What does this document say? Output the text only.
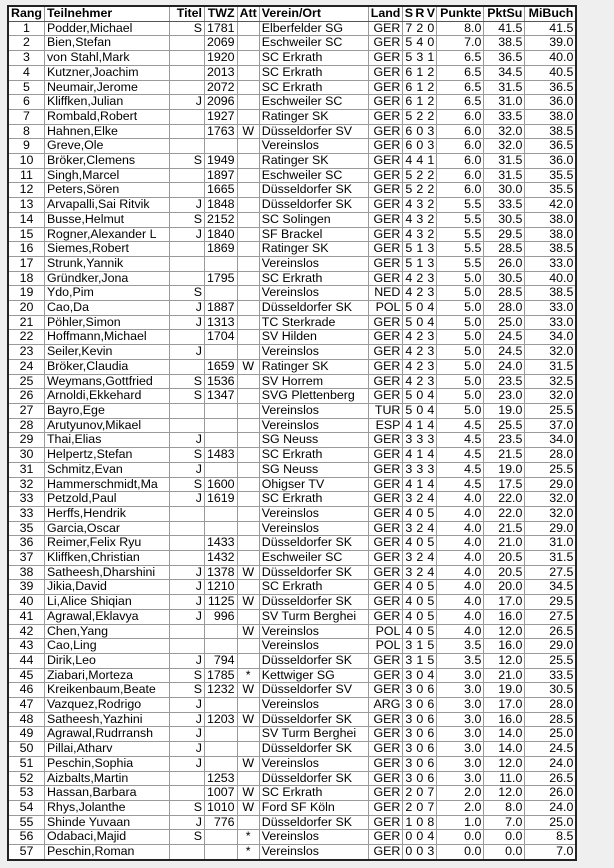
Rang	Teilnehmer	Titel	TWZ	Att	Verein/Ort	Land	S	R	V	Punkte	PktSu	MiBuch
1	Podder,Michael	S	1781		Elberfelder SG	GER	7	2	0	8.0	41.5	41.5
2	Bien,Stefan		2069		Eschweiler SC	GER	5	4	0	7.0	38.5	39.0
3	von Stahl,Mark		1920		SC Erkrath	GER	5	3	1	6.5	36.5	40.0
4	Kutzner,Joachim		2013		SC Erkrath	GER	6	1	2	6.5	34.5	40.5
5	Neumair,Jerome		2072		SC Erkrath	GER	6	1	2	6.5	31.5	36.5
6	Kliffken,Julian	J	2096		Eschweiler SC	GER	6	1	2	6.5	31.0	36.0
7	Rombald,Robert		1927		Ratinger SK	GER	5	2	2	6.0	33.5	38.0
8	Hahnen,Elke		1763	W	Düsseldorfer SV	GER	6	0	3	6.0	32.0	38.5
9	Greve,Ole				Vereinslos	GER	6	0	3	6.0	32.0	36.5
10	Bröker,Clemens	S	1949		Ratinger SK	GER	4	4	1	6.0	31.5	36.0
11	Singh,Marcel		1897		Eschweiler SC	GER	5	2	2	6.0	31.5	35.5
12	Peters,Sören		1665		Düsseldorfer SK	GER	5	2	2	6.0	30.0	35.5
13	Arvapalli,Sai Ritvik	J	1848		Düsseldorfer SK	GER	4	3	2	5.5	33.5	42.0
14	Busse,Helmut	S	2152		SC Solingen	GER	4	3	2	5.5	30.5	38.0
15	Rogner,Alexander L	J	1840		SF Brackel	GER	4	3	2	5.5	29.5	38.0
16	Siemes,Robert		1869		Ratinger SK	GER	5	1	3	5.5	28.5	38.5
17	Strunk,Yannik				Vereinslos	GER	5	1	3	5.5	26.0	33.0
18	Gründker,Jona		1795		SC Erkrath	GER	4	2	3	5.0	30.5	40.0
19	Ydo,Pim	S			Vereinslos	NED	4	2	3	5.0	28.5	38.5
20	Cao,Da	J	1887		Düsseldorfer SK	POL	5	0	4	5.0	28.0	33.0
21	Pöhler,Simon	J	1313		TC Sterkrade	GER	5	0	4	5.0	25.0	33.0
22	Hoffmann,Michael		1704		SV Hilden	GER	4	2	3	5.0	24.5	34.0
23	Seiler,Kevin	J			Vereinslos	GER	4	2	3	5.0	24.5	32.0
24	Bröker,Claudia		1659	W	Ratinger SK	GER	4	2	3	5.0	24.0	31.5
25	Weymans,Gottfried	S	1536		SV Horrem	GER	4	2	3	5.0	23.5	32.5
26	Arnoldi,Ekkehard	S	1347		SVG Plettenberg	GER	5	0	4	5.0	23.0	32.0
27	Bayro,Ege				Vereinslos	TUR	5	0	4	5.0	19.0	25.5
28	Arutyunov,Mikael				Vereinslos	ESP	4	1	4	4.5	25.5	37.0
29	Thai,Elias	J			SG Neuss	GER	3	3	3	4.5	23.5	34.0
30	Helpertz,Stefan	S	1483		SC Erkrath	GER	4	1	4	4.5	21.5	28.0
31	Schmitz,Evan	J			SG Neuss	GER	3	3	3	4.5	19.0	25.5
32	Hammerschmidt,Ma	S	1600		Ohigser TV	GER	4	1	4	4.5	17.5	29.0
33	Petzold,Paul	J	1619		SC Erkrath	GER	3	2	4	4.0	22.0	32.0
33	Herffs,Hendrik				Vereinslos	GER	4	0	5	4.0	22.0	32.0
35	Garcia,Oscar				Vereinslos	GER	3	2	4	4.0	21.5	29.0
36	Reimer,Felix Ryu		1433		Düsseldorfer SK	GER	4	0	5	4.0	21.0	31.0
37	Kliffken,Christian		1432		Eschweiler SC	GER	3	2	4	4.0	20.5	31.5
38	Satheesh,Dharshini	J	1378	W	Düsseldorfer SK	GER	3	2	4	4.0	20.5	27.5
39	Jikia,David	J	1210		SC Erkrath	GER	4	0	5	4.0	20.0	34.5
40	Li,Alice Shiqian	J	1125	W	Düsseldorfer SK	GER	4	0	5	4.0	17.0	29.5
41	Agrawal,Eklavya	J	996		SV Turm Berghei	GER	4	0	5	4.0	16.0	27.5
42	Chen,Yang			W	Vereinslos	POL	4	0	5	4.0	12.0	26.5
43	Cao,Ling				Vereinslos	POL	3	1	5	3.5	16.0	29.0
44	Dirik,Leo	J	794		Düsseldorfer SK	GER	3	1	5	3.5	12.0	25.5
45	Ziabari,Morteza	S	1785	*	Kettwiger SG	GER	3	0	4	3.0	21.0	33.5
46	Kreikenbaum,Beate	S	1232	W	Düsseldorfer SV	GER	3	0	6	3.0	19.0	30.5
47	Vazquez,Rodrigo	J			Vereinslos	ARG	3	0	6	3.0	17.0	28.0
48	Satheesh,Yazhini	J	1203	W	Düsseldorfer SK	GER	3	0	6	3.0	16.0	28.5
49	Agrawal,Rudrransh	J			SV Turm Berghei	GER	3	0	6	3.0	14.0	25.0
50	Pillai,Atharv	J			Düsseldorfer SK	GER	3	0	6	3.0	14.0	24.5
51	Peschin,Sophia	J		W	Vereinslos	GER	3	0	6	3.0	12.0	24.0
52	Aizbalts,Martin		1253		Düsseldorfer SK	GER	3	0	6	3.0	11.0	26.5
53	Hassan,Barbara		1007	W	SC Erkrath	GER	2	0	7	2.0	12.0	26.0
54	Rhys,Jolanthe	S	1010	W	Ford SF Köln	GER	2	0	7	2.0	8.0	24.0
55	Shinde Yuvaan	J	776		Düsseldorfer SK	GER	1	0	8	1.0	7.0	25.0
56	Odabaci,Majid	S		*	Vereinslos	GER	0	0	4	0.0	0.0	8.5
57	Peschin,Roman			*	Vereinslos	GER	0	0	3	0.0	0.0	7.0
